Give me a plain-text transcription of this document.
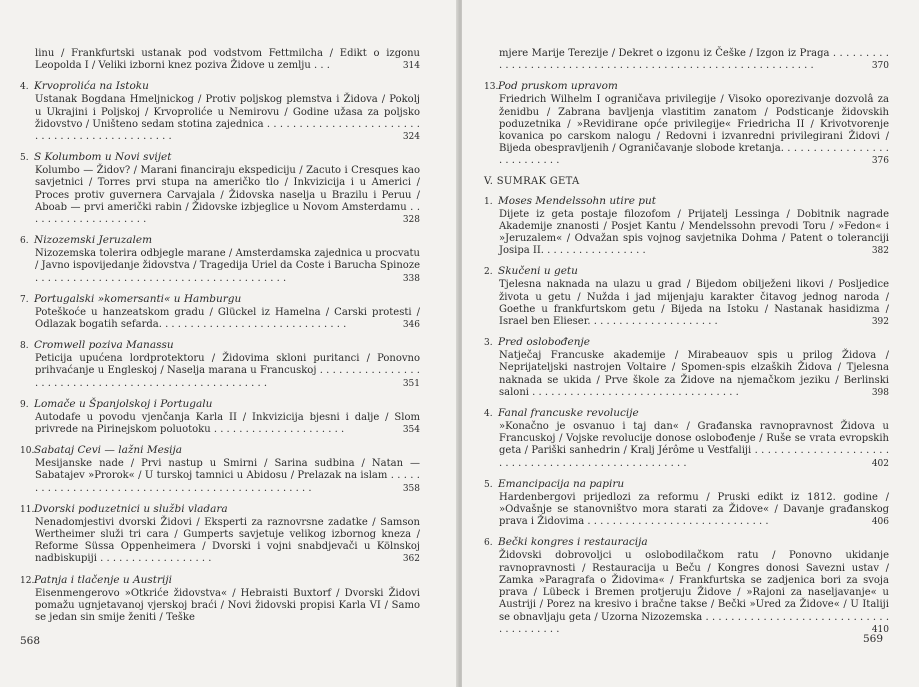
linu / Frankfurtski ustanak pod vodstvom Fettmilcha / Edikt o izgonu Leopolda I / Veliki izborni knez poziva Židove u zemlju . . .	314
4. Krvoprolića na Istoku
Ustanak Bogdana Hmeljnickog / Protiv poljskog plemstva i Židova / Pokolj u Ukrajini i Poljskoj / Krvoproliće u Nemirovu / Godine užasa za poljsko židovstvo / Uništeno sedam stotina zajednica . . . . . . . . . . . . . . . . . . . . . . . . . . . . . . . . . . . . . . . . . . . . . .	324
5. S Kolumbom u Novi svijet
Kolumbo — Židov? / Marani financiraju ekspediciju / Zacuto i Cresques kao savjetnici / Torres prvi stupa na američko tlo / Inkvizicija i u Americi / Proces protiv guvernera Carvajala / Židovska naselja u Brazilu i Peruu / Aboab — prvi američki rabin / Židovske izbjeglice u Novom Amsterdamu . . . . . . . . . . . . . . . . . . . .	328
6. Nizozemski Jeruzalem
Nizozemska tolerira odbjegle marane / Amsterdamska zajednica u procvatu / Javno ispovijedanje židovstva / Tragedija Uriel da Coste i Barucha Spinoze . . . . . . . . . . . . . . . . . . . . . . . . . . . . . . . . . . . . . . . .	338
7. Portugalski »komersanti« u Hamburgu
Poteškoće u hanzeatskom gradu / Glückel iz Hamelna / Carski protesti / Odlazak bogatih sefarda. . . . . . . . . . . . . . . . . . . . . . . . . . . . . .	346
8. Cromwell poziva Manassu
Peticija upućena lordprotektoru / Židovima skloni puritanci / Ponovno prihvaćanje u Engleskoj / Naselja marana u Francuskoj . . . . . . . . . . . . . . . . . . . . . . . . . . . . . . . . . . . . . . . . . . . . . . . . . . . . .	351
9. Lomače u Španjolskoj i Portugalu
Autodafe u povodu vjenčanja Karla II / Inkvizicija bjesni i dalje / Slom privrede na Pirinejskom poluotoku . . . . . . . . . . . . . . . . . . . . .	354
10.Sabataj Cevi — lažni Mesija
Mesijanske nade / Prvi nastup u Smirni / Sarina sudbina / Natan — Sabatajev »Prorok« / U turskoj tamnici u Abidosu / Prelazak na islam . . . . . . . . . . . . . . . . . . . . . . . . . . . . . . . . . . . . . . . . . . . . . . . . .	358
11.Dvorski poduzetnici u službi vladara
Nenadomjestivi dvorski Židovi / Eksperti za raznovrsne zadatke / Samson Wertheimer služi tri cara / Gumperts savjetuje velikog izbornog kneza / Reforme Süssa Oppenheimera / Dvorski i vojni snabdjevači u Kölnskoj nadbiskupiji . . . . . . . . . . . . . . . . . .	362
12.Patnja i tlačenje u Austriji
Eisenmengerovo »Otkriće židovstva« / Hebraisti Buxtorf / Dvorski Židovi pomažu ugnjetavanoj vjerskoj braći / Novi židovski propisi Karla VI / Samo se jedan sin smije ženiti / Teške
568
mjere Marije Terezije / Dekret o izgonu iz Češke / Izgon iz Praga . . . . . . . . . . . . . . . . . . . . . . . . . . . . . . . . . . . . . . . . . . . . . . . . . . . . . . . . . . .	370
13.Pod pruskom upravom
Friedrich Wilhelm I ograničava privilegije / Visoko oporezivanje dozvolâ za ženidbu / Zabrana bavljenja vlastitim zanatom / Podsticanje židovskih poduzetnika / »Revidirane opće privilegije« Friedricha II / Krivotvorenje kovanica po carskom nalogu / Redovni i izvanredni privilegirani Židovi / Bijeda obespravljenih / Ograničavanje slobode kretanja. . . . . . . . . . . . . . . . . . . . . . . . . . .	376
V. SUMRAK GETA
1. Moses Mendelssohn utire put
Dijete iz geta postaje filozofom / Prijatelj Lessinga / Dobitnik nagrade Akademije znanosti / Posjet Kantu / Mendelssohn prevodi Toru / »Fedon« i »Jeruzalem« / Odvažan spis vojnog savjetnika Dohma / Patent o toleranciji Josipa II. . . . . . . . . . . . . . . . .	382
2. Skučeni u getu
Tjelesna naknada na ulazu u grad / Bijedom obilježeni likovi / Posljedice života u getu / Nužda i jad mijenjaju karakter čitavog jednog naroda / Goethe u frankfurtskom getu / Bijeda na Istoku / Nastanak hasidizma / Israel ben Elieser. . . . . . . . . . . . . . . . . . . . .	392
3. Pred oslobođenje
Natječaj Francuske akademije / Mirabeauov spis u prilog Židova / Neprijateljski nastrojen Voltaire / Spomen-spis elzaških Židova / Tjelesna naknada se ukida / Prve škole za Židove na njemačkom jeziku / Berlinski saloni . . . . . . . . . . . . . . . . . . . . . . . . . . . . . . . . .	398
4. Fanal francuske revolucije
»Konačno je osvanuo i taj dan« / Građanska ravnopravnost Židova u Francuskoj / Vojske revolucije donose oslobođenje / Ruše se vrata evropskih geta / Pariški sanhedrin / Kralj Jérôme u Vestfaliji . . . . . . . . . . . . . . . . . . . . . . . . . . . . . . . . . . . . . . . . . . . . . . . . . . .	402
5. Emancipacija na papiru
Hardenbergovi prijedlozi za reformu / Pruski edikt iz 1812. godine / »Odvašnje se stanovništvo mora starati za Židove« / Davanje građanskog prava i Židovima . . . . . . . . . . . . . . . . . . . . . . . . . . . . .	406
6. Bečki kongres i restauracija
Židovski dobrovoljci u oslobodilačkom ratu / Ponovno ukidanje ravnopravnosti / Restauracija u Beču / Kongres donosi Savezni ustav / Zamka »Paragrafa o Židovima« / Frankfurtska se zadjenica bori za svoja prava / Lübeck i Bremen protjeruju Židove / »Rajoni za naseljavanje« u Austriji / Porez na kresivo i bračne takse / Bečki »Ured za Židove« / U Italiji se obnavljaju geta / Uzorna Nizozemska . . . . . . . . . . . . . . . . . . . . . . . . . . . . . . . . . . . . . . .	410
569
